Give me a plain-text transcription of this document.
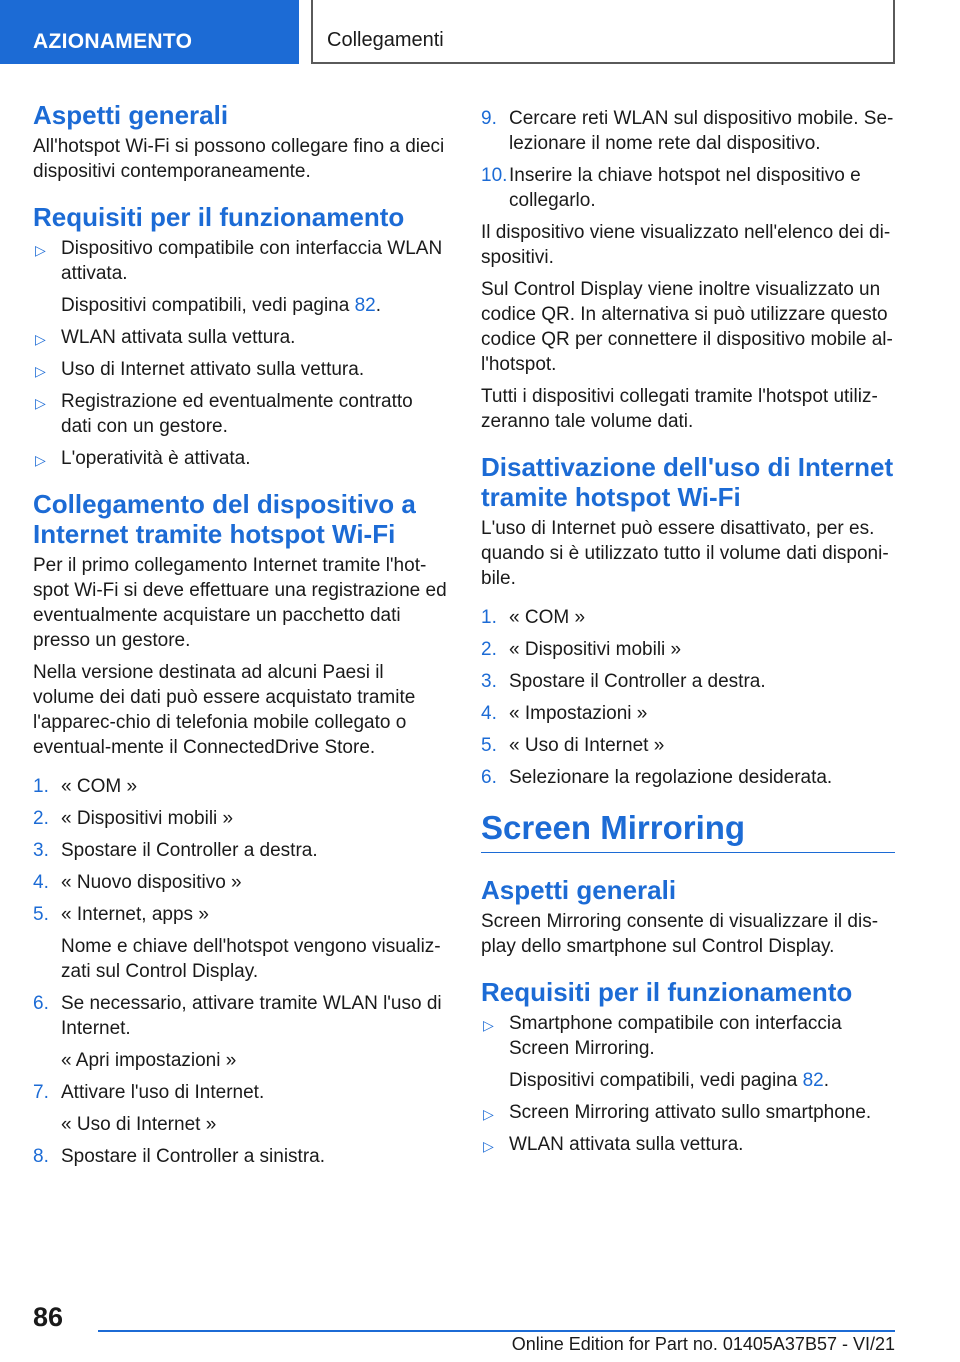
AZIONAMENTO	Collegamenti
Aspetti generali

All'hotspot Wi-Fi si possono collegare fino a dieci dispositivi contemporaneamente.

Requisiti per il funzionamento
▷ Dispositivo compatibile con interfaccia WLAN attivata.
Dispositivi compatibili, vedi pagina 82.
▷ WLAN attivata sulla vettura.
▷ Uso di Internet attivato sulla vettura.
▷ Registrazione ed eventualmente contratto dati con un gestore.
▷ L'operatività è attivata.
Collegamento del dispositivo a Internet tramite hotspot Wi-Fi

Per il primo collegamento Internet tramite l'hot-spot Wi-Fi si deve effettuare una registrazione ed eventualmente acquistare un pacchetto dati presso un gestore.

Nella versione destinata ad alcuni Paesi il volume dei dati può essere acquistato tramite l'apparec-chio di telefonia mobile collegato o eventual-mente il ConnectedDrive Store.

1. « COM »
2. « Dispositivi mobili »
3. Spostare il Controller a destra.
4. « Nuovo dispositivo »
5. « Internet, apps »
Nome e chiave dell'hotspot vengono visualiz-zati sul Control Display.
6. Se necessario, attivare tramite WLAN l'uso di Internet.
« Apri impostazioni »
7. Attivare l'uso di Internet.
« Uso di Internet »
8. Spostare il Controller a sinistra.
9. Cercare reti WLAN sul dispositivo mobile. Se-lezionare il nome rete dal dispositivo.
10. Inserire la chiave hotspot nel dispositivo e collegarlo.

Il dispositivo viene visualizzato nell'elenco dei di-spositivi.

Sul Control Display viene inoltre visualizzato un codice QR. In alternativa si può utilizzare questo codice QR per connettere il dispositivo mobile al-l'hotspot.

Tutti i dispositivi collegati tramite l'hotspot utiliz-zeranno tale volume dati.

Disattivazione dell'uso di Internet tramite hotspot Wi-Fi

L'uso di Internet può essere disattivato, per es. quando si è utilizzato tutto il volume dati disponi-bile.

1. « COM »
2. « Dispositivi mobili »
3. Spostare il Controller a destra.
4. « Impostazioni »
5. « Uso di Internet »
6. Selezionare la regolazione desiderata.
Screen Mirroring
Aspetti generali

Screen Mirroring consente di visualizzare il dis-play dello smartphone sul Control Display.

Requisiti per il funzionamento
▷ Smartphone compatibile con interfaccia Screen Mirroring.
Dispositivi compatibili, vedi pagina 82.
▷ Screen Mirroring attivato sullo smartphone.
▷ WLAN attivata sulla vettura.
86
Online Edition for Part no. 01405A37B57 - VI/21
